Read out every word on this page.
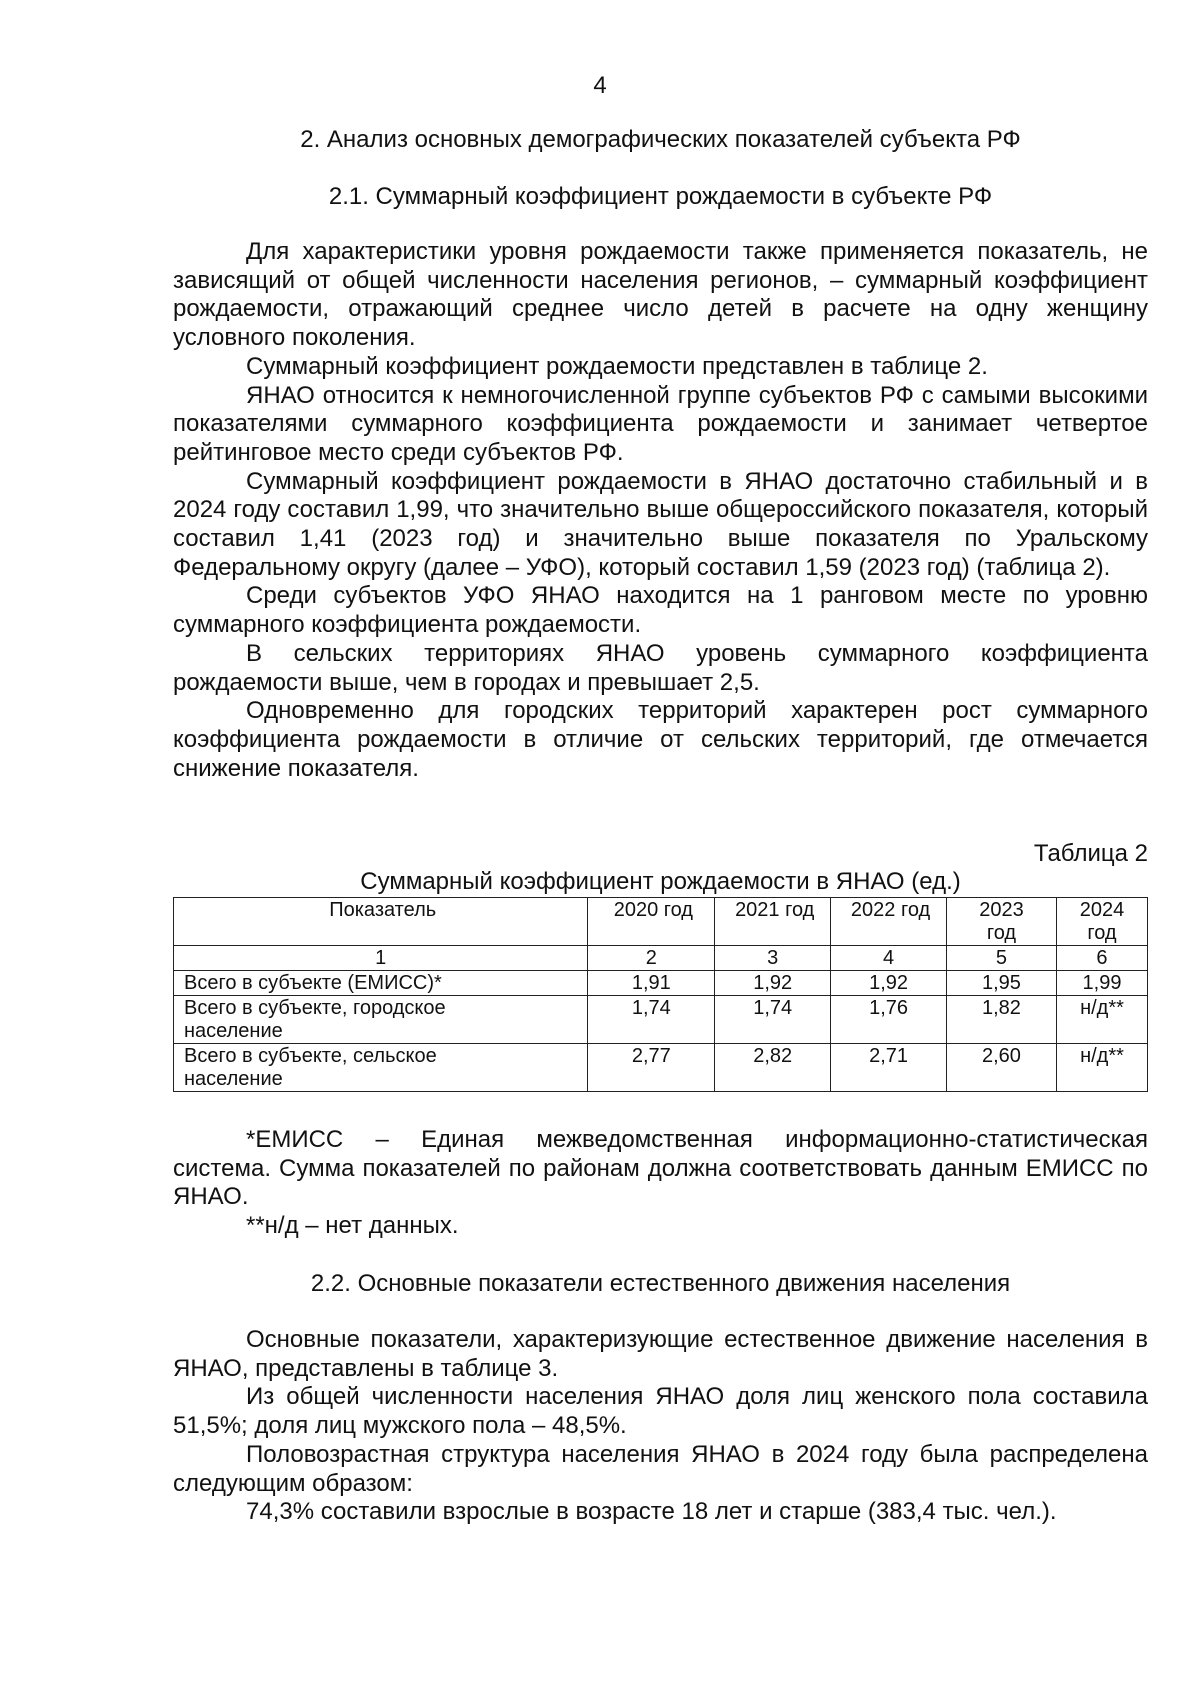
4
2. Анализ основных демографических показателей субъекта РФ
2.1. Суммарный коэффициент рождаемости в субъекте РФ

Для характеристики уровня рождаемости также применяется показатель, не зависящий от общей численности населения регионов, – суммарный коэффициент рождаемости, отражающий среднее число детей в расчете на одну женщину условного поколения.

Суммарный коэффициент рождаемости представлен в таблице 2.

ЯНАО относится к немногочисленной группе субъектов РФ с самыми высокими показателями суммарного коэффициента рождаемости и занимает четвертое рейтинговое место среди субъектов РФ.

Суммарный коэффициент рождаемости в ЯНАО достаточно стабильный и в 2024 году составил 1,99, что значительно выше общероссийского показателя, который составил 1,41 (2023 год) и значительно выше показателя по Уральскому Федеральному округу (далее – УФО), который составил 1,59 (2023 год) (таблица 2).

Среди субъектов УФО ЯНАО находится на 1 ранговом месте по уровню суммарного коэффициента рождаемости.

В сельских территориях ЯНАО уровень суммарного коэффициента рождаемости выше, чем в городах и превышает 2,5.

Одновременно для городских территорий характерен рост суммарного коэффициента рождаемости в отличие от сельских территорий, где отмечается снижение показателя.

Таблица 2
Суммарный коэффициент рождаемости в ЯНАО (ед.)
Показатель	2020 год	2021 год	2022 год	2023 год	2024 год
1	2	3	4	5	6
Всего в субъекте (ЕМИСС)*	1,91	1,92	1,92	1,95	1,99
Всего в субъекте, городское население	1,74	1,74	1,76	1,82	н/д**
Всего в субъекте, сельское население	2,77	2,82	2,71	2,60	н/д**

*ЕМИСС – Единая межведомственная информационно-статистическая система. Сумма показателей по районам должна соответствовать данным ЕМИСС по ЯНАО.

**н/д – нет данных.

2.2. Основные показатели естественного движения населения

Основные показатели, характеризующие естественное движение населения в ЯНАО, представлены в таблице 3.

Из общей численности населения ЯНАО доля лиц женского пола составила 51,5%; доля лиц мужского пола – 48,5%.

Половозрастная структура населения ЯНАО в 2024 году была распределена следующим образом:

74,3% составили взрослые в возрасте 18 лет и старше (383,4 тыс. чел.).
